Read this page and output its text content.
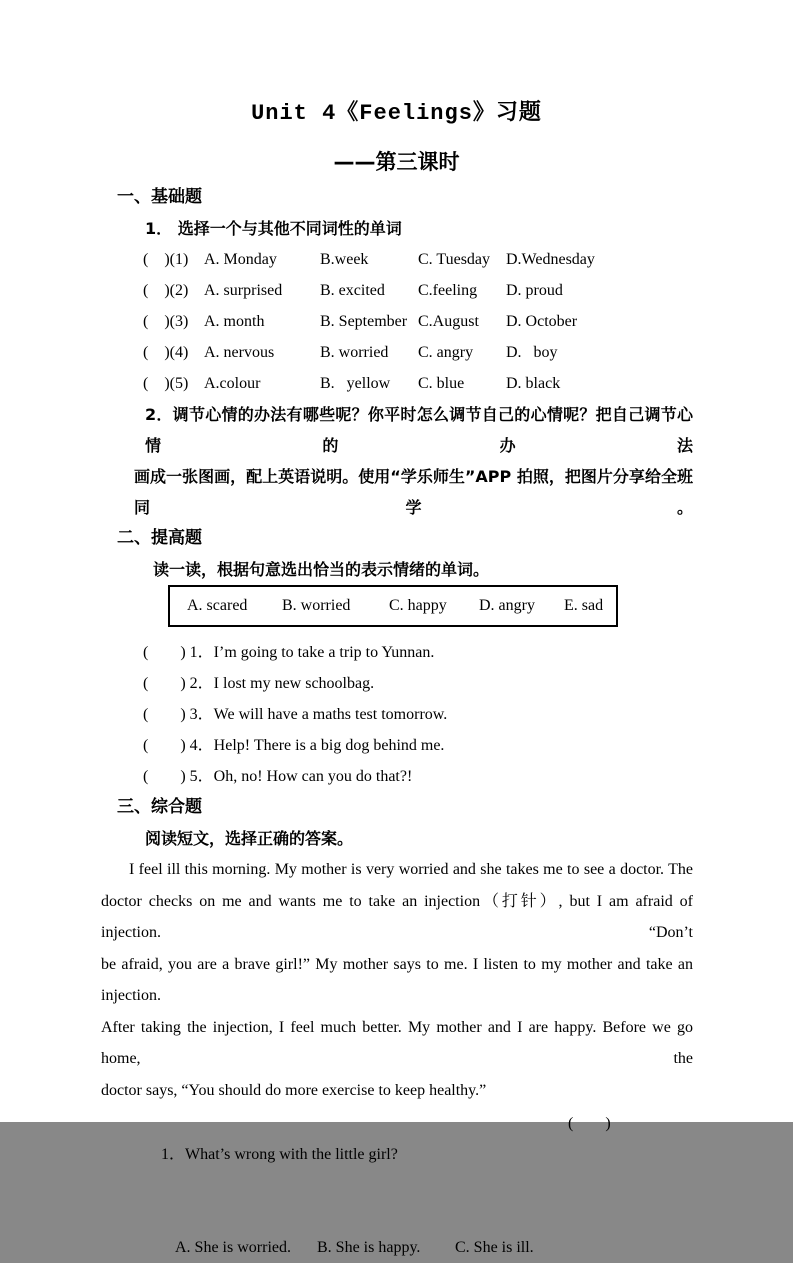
Unit 4《Feelings》习题
——第三课时
一、基础题
1． 选择一个与其他不同词性的单词
(　)(1) A. Monday	B.week	C. Tuesday D.Wednesday
(　)(2) A. surprised	B. excited	C.feeling	D. proud
(　)(3) A. month	B. September C.August	D. October
(　)(4) A. nervous	B. worried	C. angry	D.   boy
(　)(5) A.colour	B.   yellow	C. blue	D. black
2．调节心情的办法有哪些呢？你平时怎么调节自己的心情呢？把自己调节心情的办法
画成一张图画，配上英语说明。使用“学乐师生”APP 拍照，把图片分享给全班同学。
二、提高题
读一读，根据句意选出恰当的表示情绪的单词。
A. scared	B. worried	C. happy	D. angry	E. sad
(　　) 1．I’m going to take a trip to Yunnan.
(　　) 2．I lost my new schoolbag.
(　　) 3．We will have a maths test tomorrow.
(　　) 4．Help! There is a big dog behind me.
(　　) 5．Oh, no! How can you do that?!
三、综合题
阅读短文，选择正确的答案。
I feel ill this morning. My mother is very worried and she takes me to see a doctor. The
doctor checks on me and wants me to take an injection（打针）, but I am afraid of injection. “Don’t
be afraid, you are a brave girl!” My mother says to me. I listen to my mother and take an injection.
After taking the injection, I feel much better. My mother and I are happy. Before we go home, the
doctor says, “You should do more exercise to keep healthy.”

1．What’s wrong with the little girl?

(　　)

A. She is worried.	B. She is happy.	C. She is ill.
